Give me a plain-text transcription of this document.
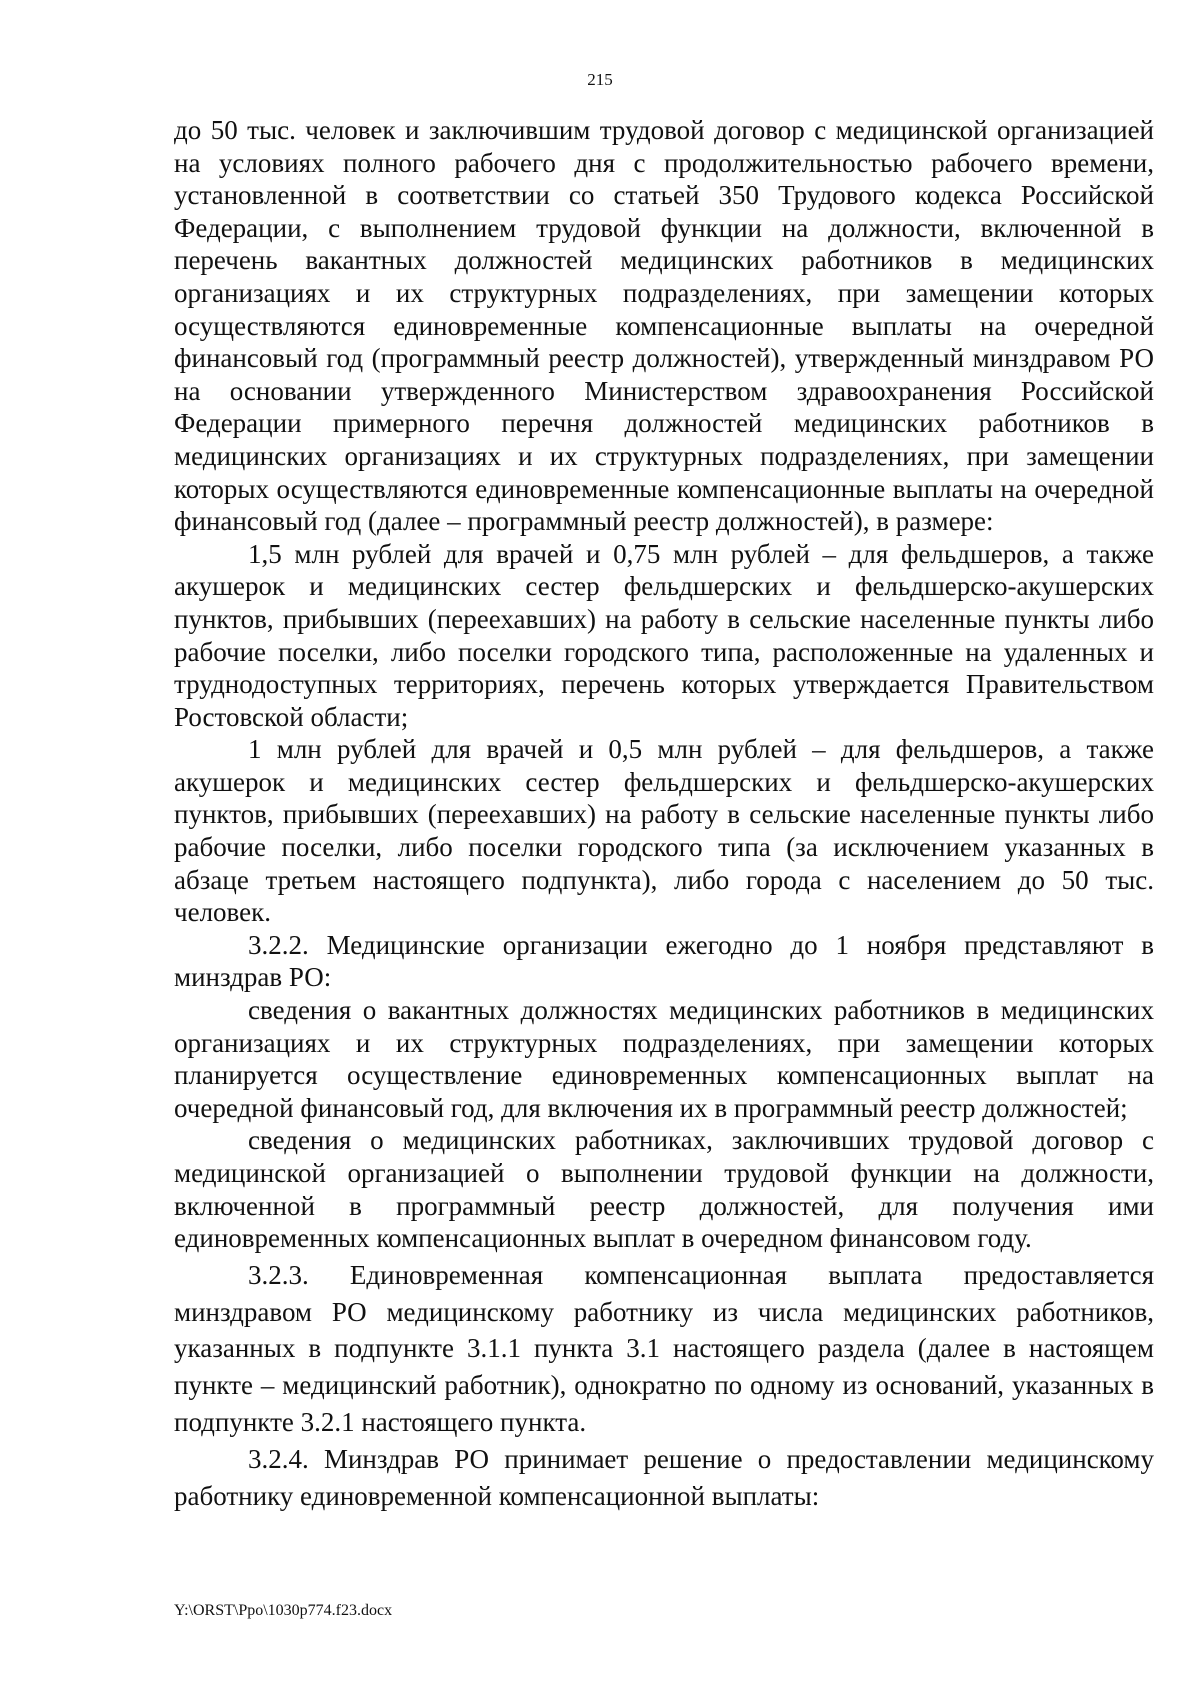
215

до 50 тыс. человек и заключившим трудовой договор с медицинской организацией на условиях полного рабочего дня с продолжительностью рабочего времени, установленной в соответствии со статьей 350 Трудового кодекса Российской Федерации, с выполнением трудовой функции на должности, включенной в перечень вакантных должностей медицинских работников в медицинских организациях и их структурных подразделениях, при замещении которых осуществляются единовременные компенсационные выплаты на очередной финансовый год (программный реестр должностей), утвержденный минздравом РО на основании утвержденного Министерством здравоохранения Российской Федерации примерного перечня должностей медицинских работников в медицинских организациях и их структурных подразделениях, при замещении которых осуществляются единовременные компенсационные выплаты на очередной финансовый год (далее – программный реестр должностей), в размере:

1,5 млн рублей для врачей и 0,75 млн рублей – для фельдшеров, а также акушерок и медицинских сестер фельдшерских и фельдшерско-акушерских пунктов, прибывших (переехавших) на работу в сельские населенные пункты либо рабочие поселки, либо поселки городского типа, расположенные на удаленных и труднодоступных территориях, перечень которых утверждается Правительством Ростовской области;

1 млн рублей для врачей и 0,5 млн рублей – для фельдшеров, а также акушерок и медицинских сестер фельдшерских и фельдшерско-акушерских пунктов, прибывших (переехавших) на работу в сельские населенные пункты либо рабочие поселки, либо поселки городского типа (за исключением указанных в абзаце третьем настоящего подпункта), либо города с населением до 50 тыс. человек.

3.2.2. Медицинские организации ежегодно до 1 ноября представляют в минздрав РО:

сведения о вакантных должностях медицинских работников в медицинских организациях и их структурных подразделениях, при замещении которых планируется осуществление единовременных компенсационных выплат на очередной финансовый год, для включения их в программный реестр должностей;

сведения о медицинских работниках, заключивших трудовой договор с медицинской организацией о выполнении трудовой функции на должности, включенной в программный реестр должностей, для получения ими единовременных компенсационных выплат в очередном финансовом году.

3.2.3. Единовременная компенсационная выплата предоставляется минздравом РО медицинскому работнику из числа медицинских работников, указанных в подпункте 3.1.1 пункта 3.1 настоящего раздела (далее в настоящем пункте – медицинский работник), однократно по одному из оснований, указанных в подпункте 3.2.1 настоящего пункта.

3.2.4. Минздрав РО принимает решение о предоставлении медицинскому работнику единовременной компенсационной выплаты:

Y:\ORST\Ppo\1030p774.f23.docx
